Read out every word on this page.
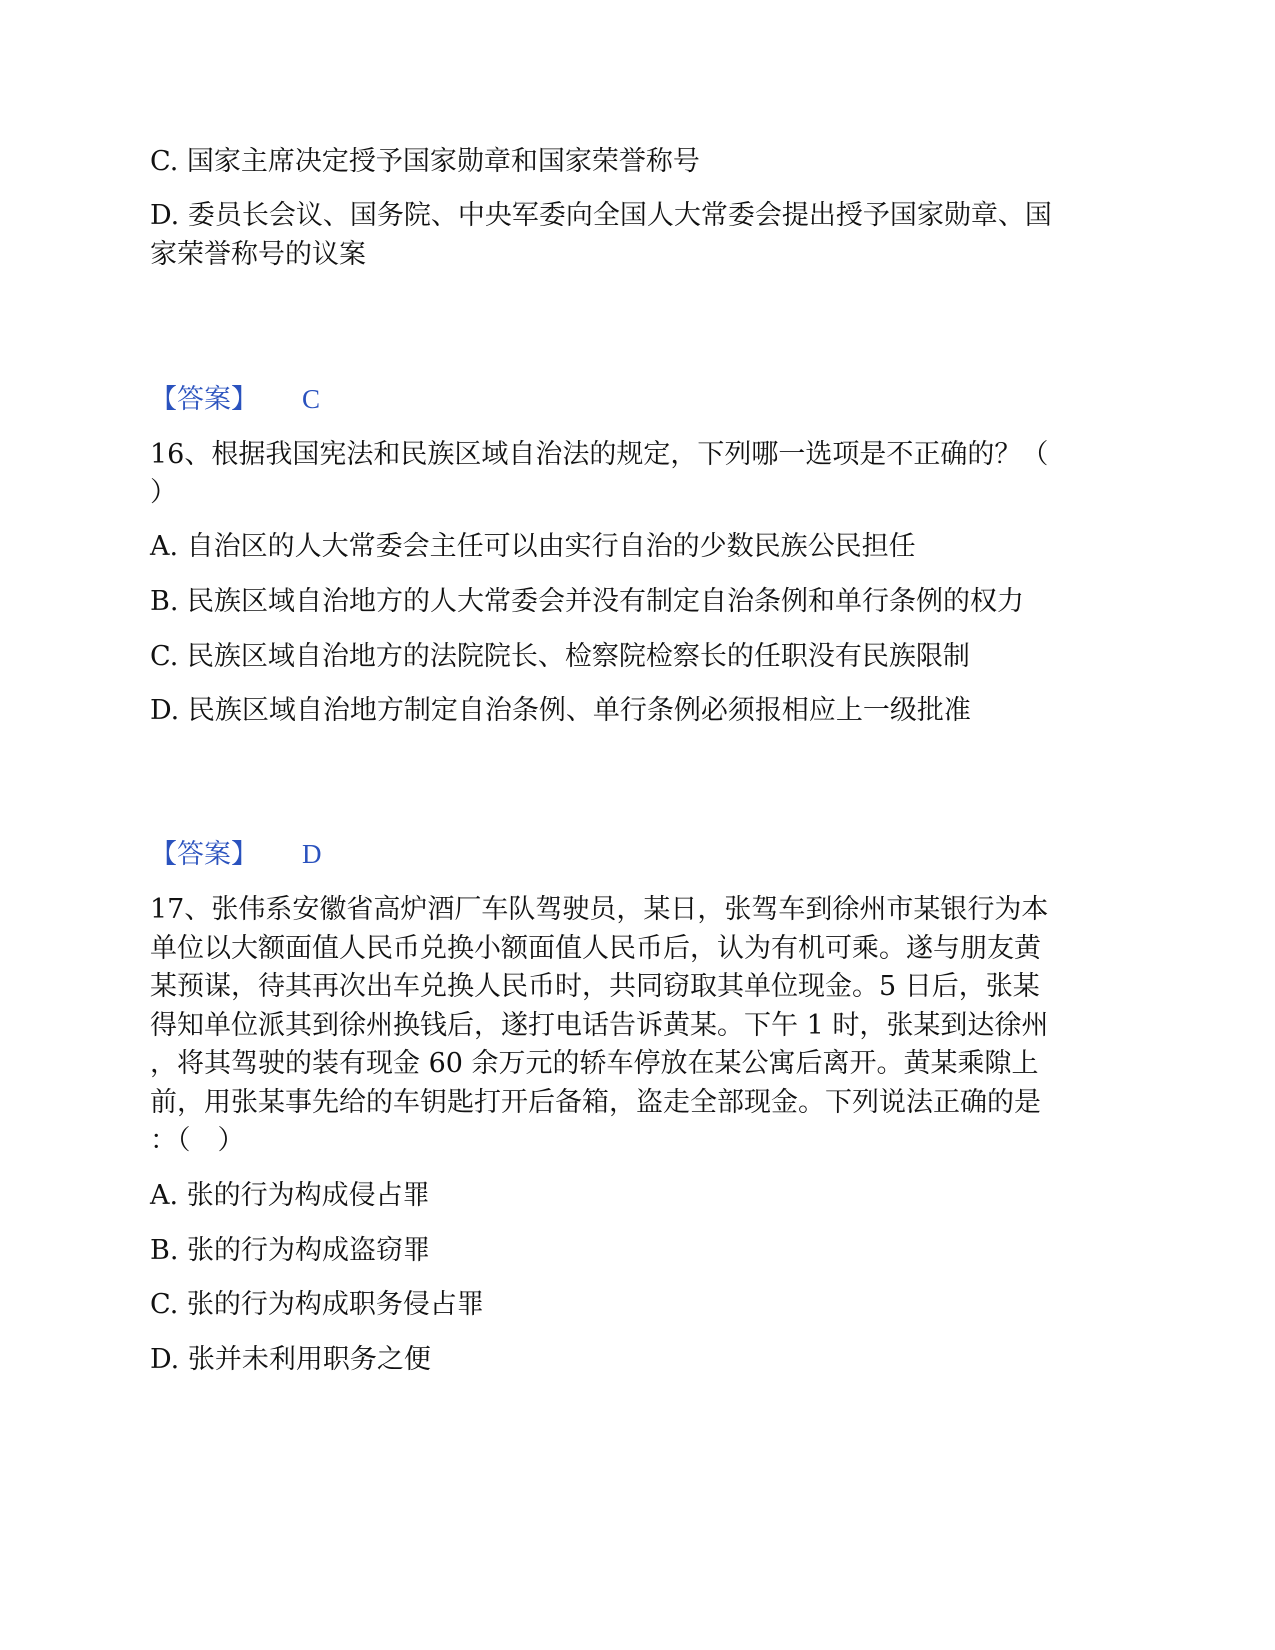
C. 国家主席决定授予国家勋章和国家荣誉称号
D. 委员长会议、国务院、中央军委向全国人大常委会提出授予国家勋章、国
家荣誉称号的议案
【答案】 C
16、根据我国宪法和民族区域自治法的规定，下列哪一选项是不正确的？（
）
A. 自治区的人大常委会主任可以由实行自治的少数民族公民担任
B. 民族区域自治地方的人大常委会并没有制定自治条例和单行条例的权力
C. 民族区域自治地方的法院院长、检察院检察长的任职没有民族限制
D. 民族区域自治地方制定自治条例、单行条例必须报相应上一级批准
【答案】 D
17、张伟系安徽省高炉酒厂车队驾驶员，某日，张驾车到徐州市某银行为本
单位以大额面值人民币兑换小额面值人民币后，认为有机可乘。遂与朋友黄
某预谋，待其再次出车兑换人民币时，共同窃取其单位现金。5 日后，张某
得知单位派其到徐州换钱后，遂打电话告诉黄某。下午 1 时，张某到达徐州
，将其驾驶的装有现金 60 余万元的轿车停放在某公寓后离开。黄某乘隙上
前，用张某事先给的车钥匙打开后备箱，盗走全部现金。下列说法正确的是
：（　）
A. 张的行为构成侵占罪
B. 张的行为构成盗窃罪
C. 张的行为构成职务侵占罪
D. 张并未利用职务之便
